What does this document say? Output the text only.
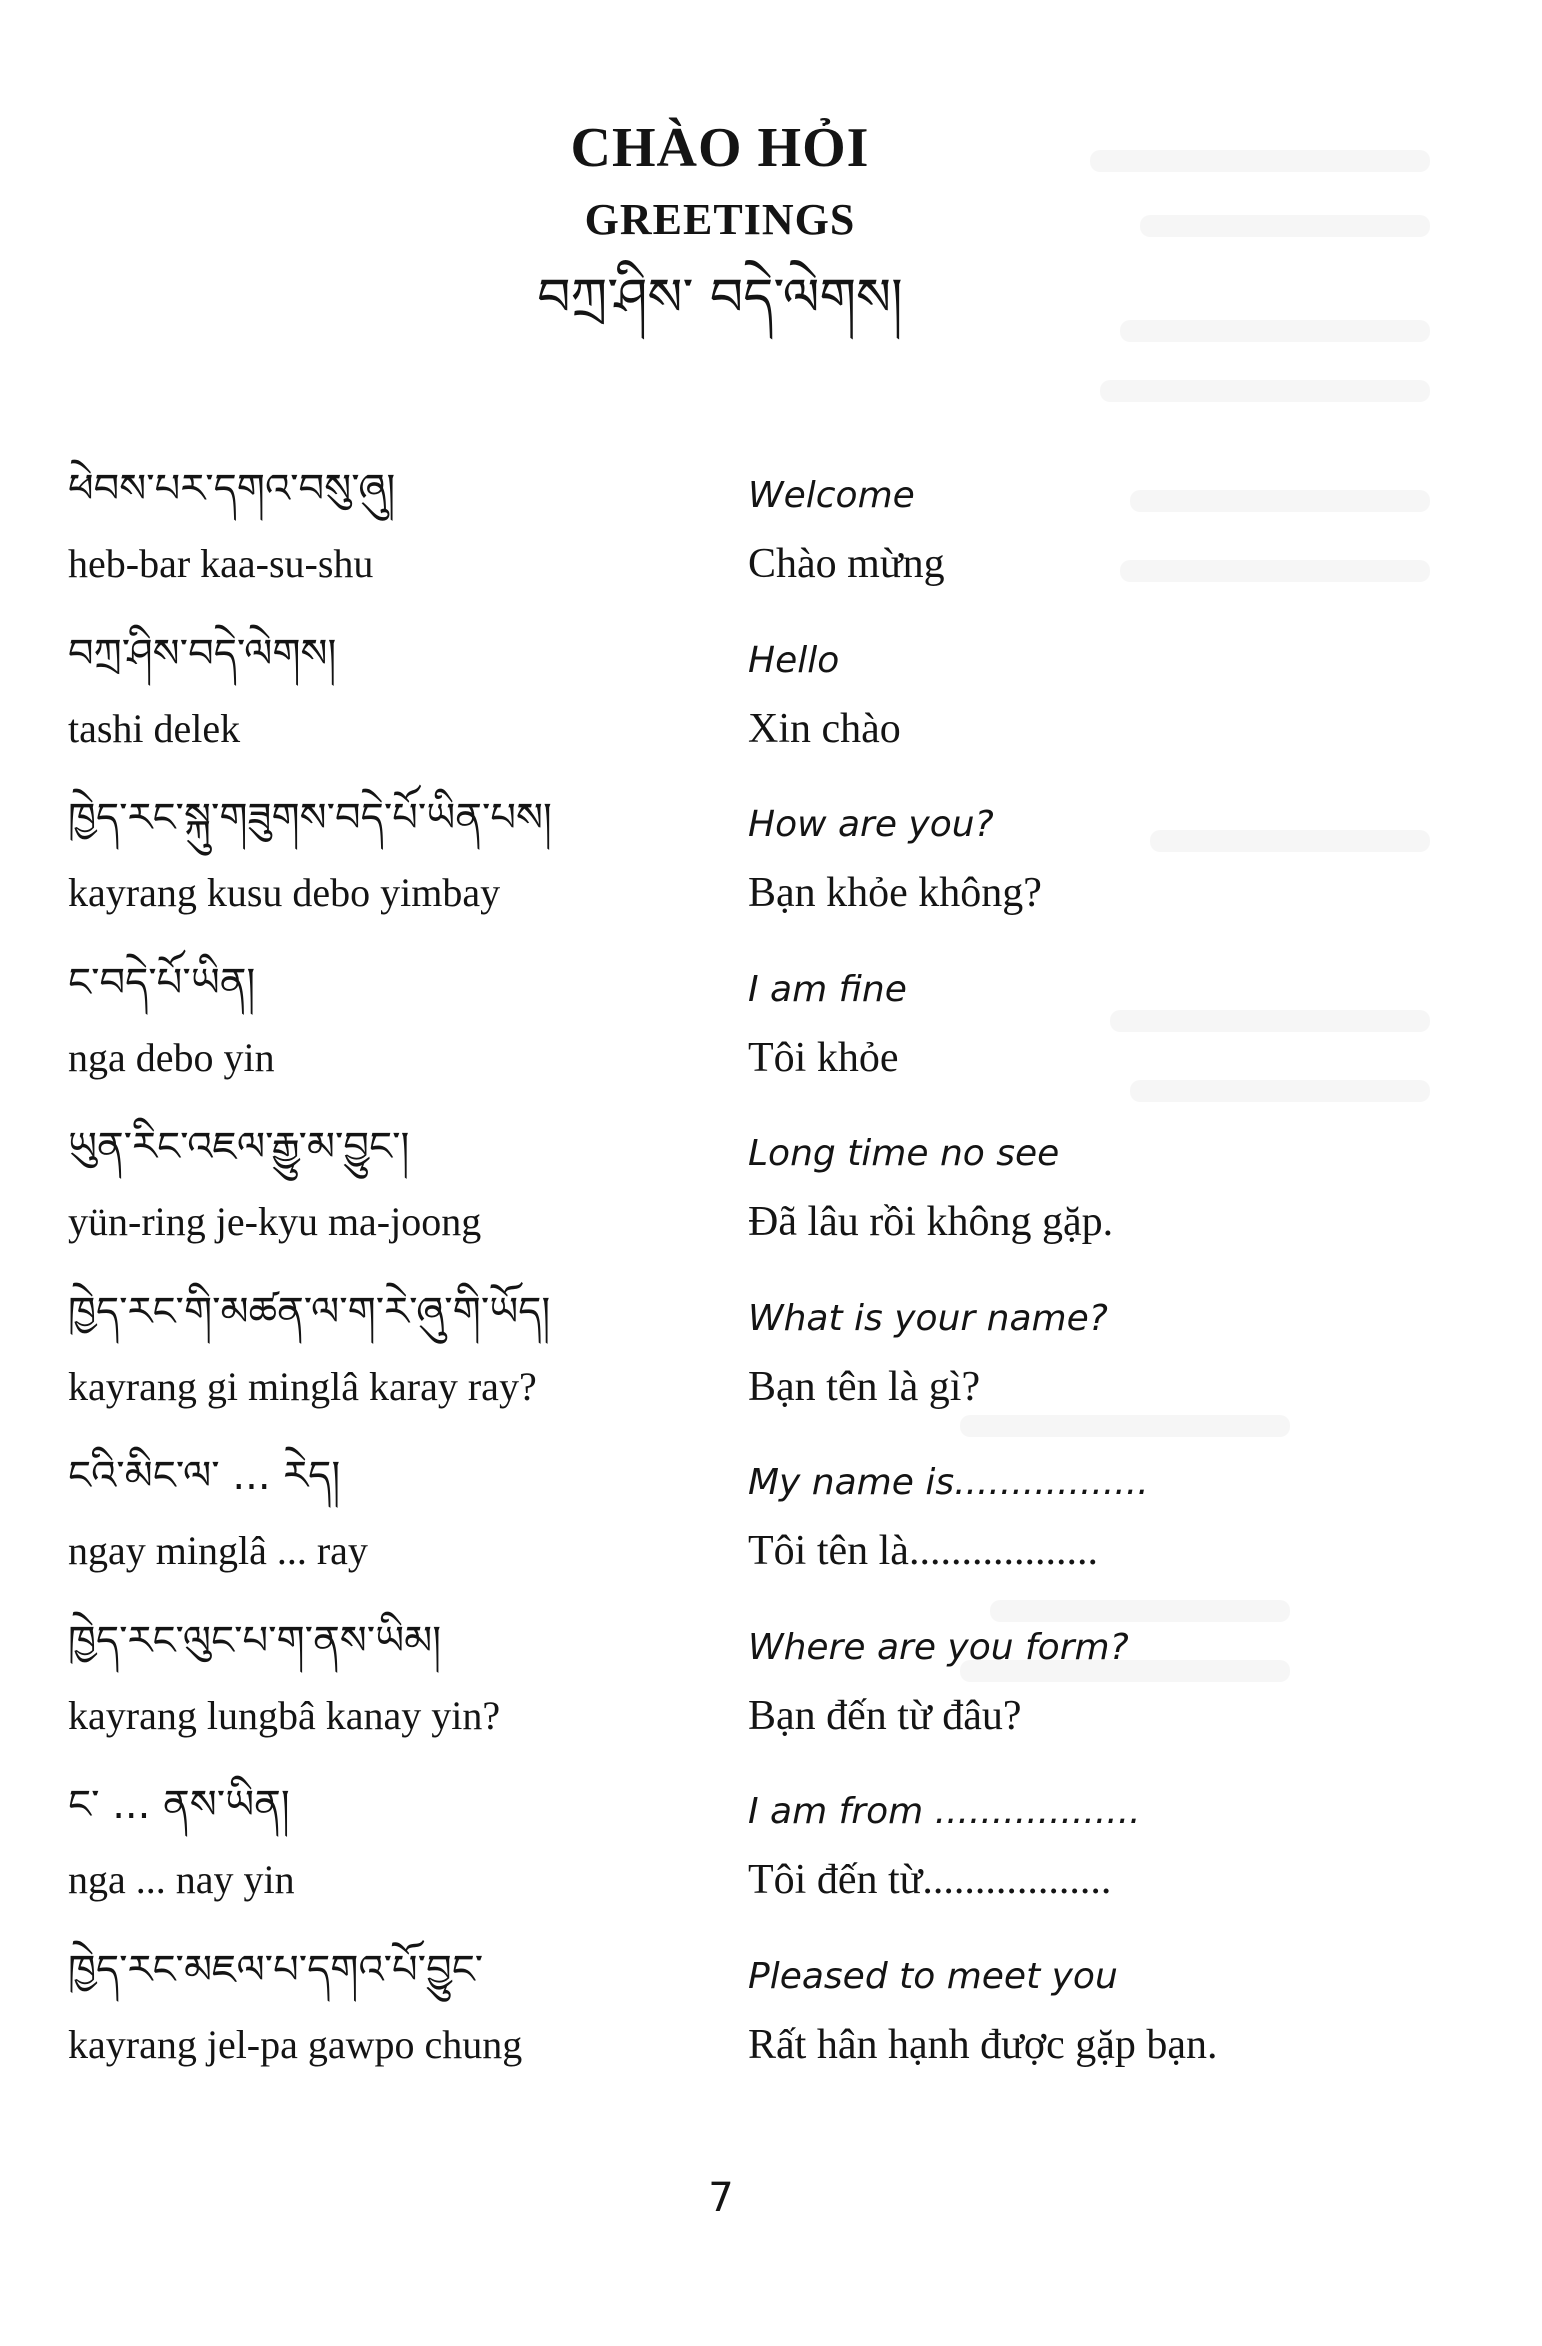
CHÀO HỎI
GREETINGS
བཀྲ་ཤིས་ བདེ་ལེགས།
ཕེབས་པར་དགའ་བསུ་ཞུ།
heb-bar kaa-su-shu
Welcome
Chào mừng
བཀྲ་ཤིས་བདེ་ལེགས།
tashi delek
Hello
Xin chào
ཁྱེད་རང་སྐུ་གཟུགས་བདེ་པོ་ཡིན་པས།
kayrang kusu debo yimbay
How are you?
Bạn khỏe không?
ང་བདེ་པོ་ཡིན།
nga debo yin
I am fine
Tôi khỏe
ཡུན་རིང་འཇལ་རྒྱུ་མ་བྱུང་།
yün-ring je-kyu ma-joong
Long time no see
Đã lâu rồi không gặp.
ཁྱེད་རང་གི་མཚན་ལ་ག་རེ་ཞུ་གི་ཡོད།
kayrang gi minglâ karay ray?
What is your name?
Bạn tên là gì?
ངའི་མིང་ལ་ ... རེད།
ngay minglâ ... ray
My name is.................
Tôi tên là..................
ཁྱེད་རང་ལུང་པ་ག་ནས་ཡིམ།
kayrang lungbâ kanay yin?
Where are you form?
Bạn đến từ đâu?
ང་ ... ནས་ཡིན།
nga ... nay yin
I am from ..................
Tôi đến từ..................
ཁྱེད་རང་མཇལ་པ་དགའ་པོ་བྱུང་
kayrang jel-pa gawpo chung
Pleased to meet you
Rất hân hạnh được gặp bạn.
7
